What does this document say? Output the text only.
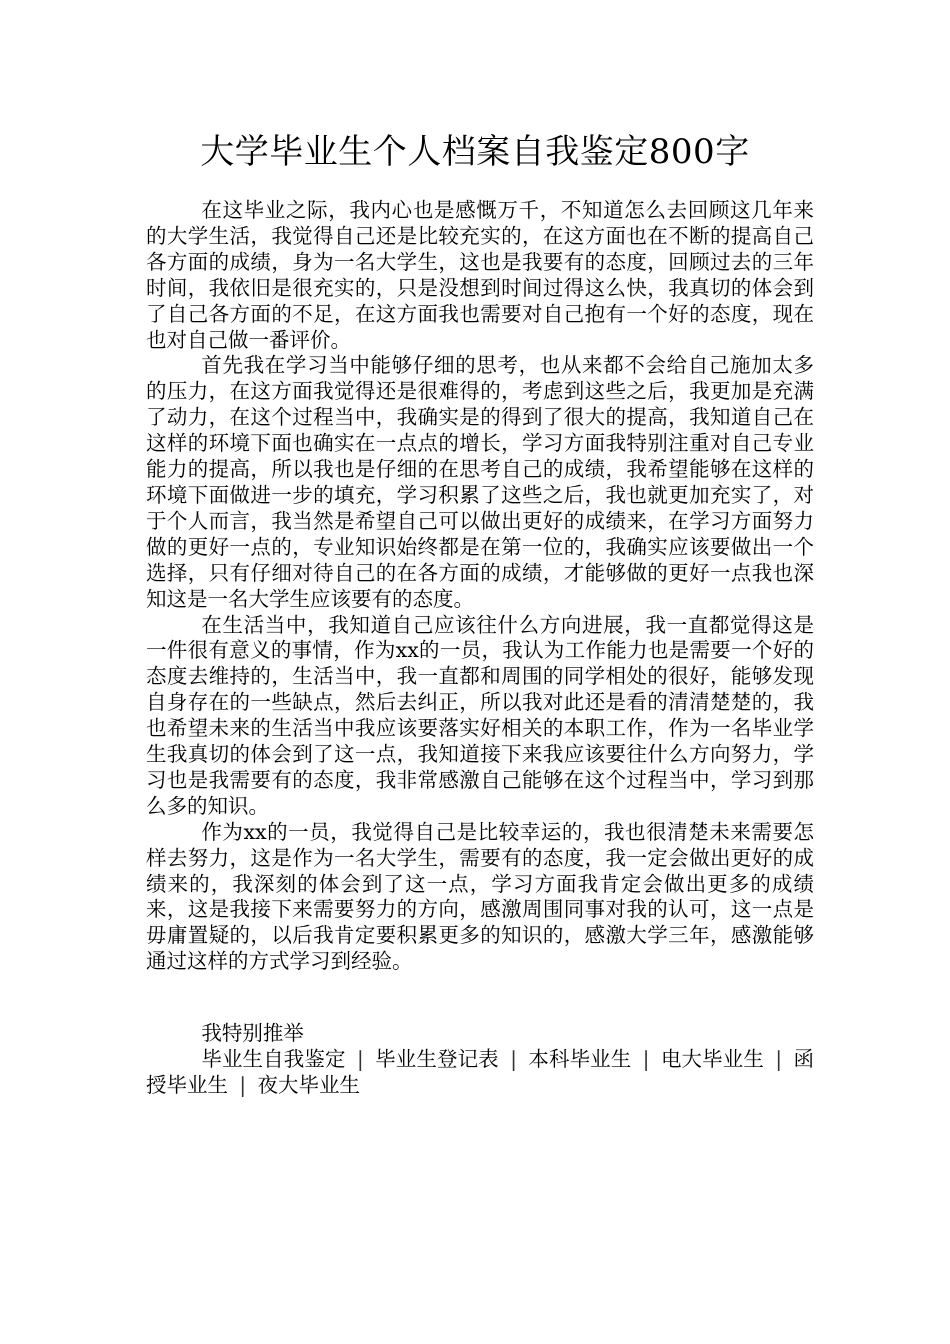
大学毕业生个人档案自我鉴定800字

在这毕业之际，我内心也是感慨万千，不知道怎么去回顾这几年来的大学生活，我觉得自己还是比较充实的，在这方面也在不断的提高自己各方面的成绩，身为一名大学生，这也是我要有的态度，回顾过去的三年时间，我依旧是很充实的，只是没想到时间过得这么快，我真切的体会到了自己各方面的不足，在这方面我也需要对自己抱有一个好的态度，现在也对自己做一番评价。

首先我在学习当中能够仔细的思考，也从来都不会给自己施加太多的压力，在这方面我觉得还是很难得的，考虑到这些之后，我更加是充满了动力，在这个过程当中，我确实是的得到了很大的提高，我知道自己在这样的环境下面也确实在一点点的增长，学习方面我特别注重对自己专业能力的提高，所以我也是仔细的在思考自己的成绩，我希望能够在这样的环境下面做进一步的填充，学习积累了这些之后，我也就更加充实了，对于个人而言，我当然是希望自己可以做出更好的成绩来，在学习方面努力做的更好一点的，专业知识始终都是在第一位的，我确实应该要做出一个选择，只有仔细对待自己的在各方面的成绩，才能够做的更好一点我也深知这是一名大学生应该要有的态度。

在生活当中，我知道自己应该往什么方向进展，我一直都觉得这是一件很有意义的事情，作为xx的一员，我认为工作能力也是需要一个好的态度去维持的，生活当中，我一直都和周围的同学相处的很好，能够发现自身存在的一些缺点，然后去纠正，所以我对此还是看的清清楚楚的，我也希望未来的生活当中我应该要落实好相关的本职工作，作为一名毕业学生我真切的体会到了这一点，我知道接下来我应该要往什么方向努力，学习也是我需要有的态度，我非常感激自己能够在这个过程当中，学习到那么多的知识。

作为xx的一员，我觉得自己是比较幸运的，我也很清楚未来需要怎样去努力，这是作为一名大学生，需要有的态度，我一定会做出更好的成绩来的，我深刻的体会到了这一点，学习方面我肯定会做出更多的成绩来，这是我接下来需要努力的方向，感激周围同事对我的认可，这一点是毋庸置疑的，以后我肯定要积累更多的知识的，感激大学三年，感激能够通过这样的方式学习到经验。

我特别推举

毕业生自我鉴定 | 毕业生登记表 | 本科毕业生 | 电大毕业生 | 函授毕业生 | 夜大毕业生
